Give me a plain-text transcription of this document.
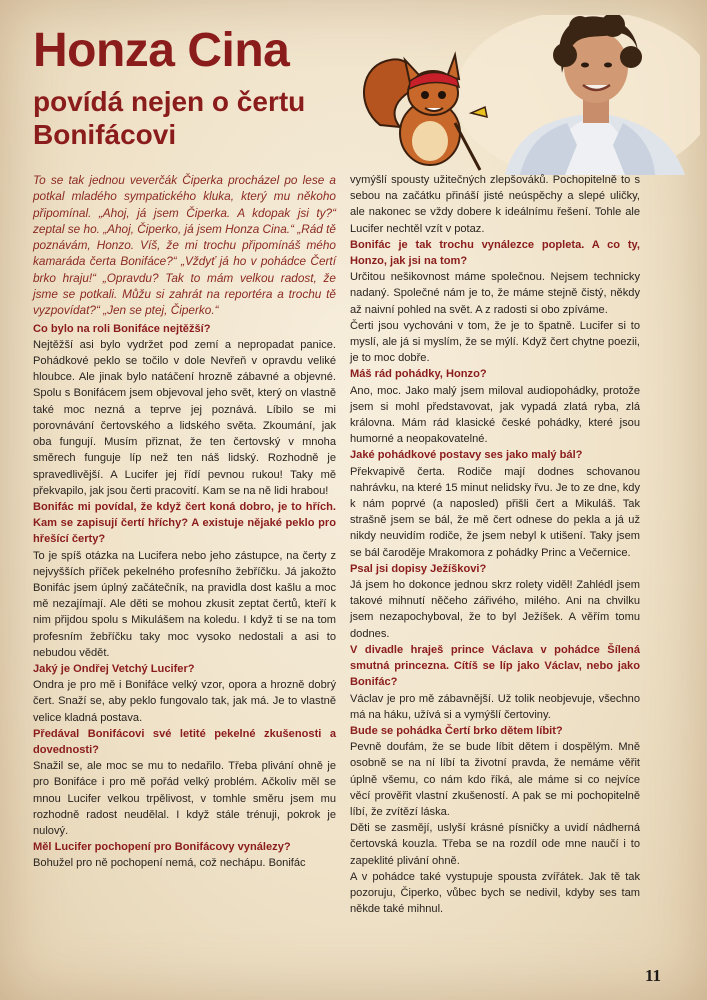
Honza Cina
povídá nejen o čertu
Bonifácovi

To se tak jednou veverčák Čiperka procházel po lese a potkal mladého sympatického kluka, který mu někoho připomínal. „Ahoj, já jsem Čiperka. A kdopak jsi ty?“ zeptal se ho. „Ahoj, Čiperko, já jsem Honza Cina.“ „Rád tě poznávám, Honzo. Víš, že mi trochu připomínáš mého kamaráda čerta Bonifáce?“ „Vždyť já ho v pohádce Čertí brko hraju!“ „Opravdu? Tak to mám velkou radost, že jsme se potkali. Můžu si zahrát na reportéra a trochu tě vyzpovídat?“ „Jen se ptej, Čiperko.“

Co bylo na roli Bonifáce nejtěžší?

Nejtěžší asi bylo vydržet pod zemí a nepropadat panice. Pohádkové peklo se točilo v dole Nevřeň v opravdu veliké hloubce. Ale jinak bylo natáčení hrozně zábavné a objevné. Spolu s Bonifácem jsem objevoval jeho svět, který on vlastně také moc nezná a teprve jej poznává. Líbilo se mi porovnávání čertovského a lidského světa. Zkoumání, jak oba fungují. Musím přiznat, že ten čertovský v mnoha směrech funguje líp než ten náš lidský. Rozhodně je spravedlivější. A Lucifer jej řídí pevnou rukou! Taky mě překvapilo, jak jsou čerti pracovití. Kam se na ně lidi hrabou!

Bonifác mi povídal, že když čert koná dobro, je to hřích. Kam se zapisují čertí hříchy? A existuje nějaké peklo pro hřešící čerty?

To je spíš otázka na Lucifera nebo jeho zástupce, na čerty z nejvyšších příček pekelného profesního žebříčku. Já jakožto Bonifác jsem úplný začátečník, na pravidla dost kašlu a moc mě nezajímají. Ale děti se mohou zkusit zeptat čertů, kteří k nim přijdou spolu s Mikulášem na koledu. I když ti se na tom profesním žebříčku taky moc vysoko nedostali a asi to nebudou vědět.

Jaký je Ondřej Vetchý Lucifer?

Ondra je pro mě i Bonifáce velký vzor, opora a hrozně dobrý čert. Snaží se, aby peklo fungovalo tak, jak má. Je to vlastně velice kladná postava.

Předával Bonifácovi své letité pekelné zkušenosti a dovednosti?

Snažil se, ale moc se mu to nedařilo. Třeba plivání ohně je pro Bonifáce i pro mě pořád velký problém. Ačkoliv měl se mnou Lucifer velkou trpělivost, v tomhle směru jsem mu rozhodně radost neudělal. I když stále trénuji, pokrok je nulový.

Měl Lucifer pochopení pro Bonifácovy vynálezy?

Bohužel pro ně pochopení nemá, což nechápu. Bonifác

vymýšlí spousty užitečných zlepšováků. Pochopitelně to s sebou na začátku přináší jisté neúspěchy a slepé uličky, ale nakonec se vždy dobere k ideálnímu řešení. Tohle ale Lucifer nechtěl vzít v potaz.

Bonifác je tak trochu vynálezce popleta. A co ty, Honzo, jak jsi na tom?

Určitou nešikovnost máme společnou. Nejsem technicky nadaný. Společné nám je to, že máme stejně čistý, někdy až naivní pohled na svět. A z radosti si obo zpíváme.

Čerti jsou vychováni v tom, že je to špatně. Lucifer si to myslí, ale já si myslím, že se mýlí. Když čert chytne poezii, je to moc dobře.

Máš rád pohádky, Honzo?

Ano, moc. Jako malý jsem miloval audiopohádky, protože jsem si mohl představovat, jak vypadá zlatá ryba, zlá královna. Mám rád klasické české pohádky, které jsou humorné a neopakovatelné.

Jaké pohádkové postavy ses jako malý bál?

Překvapivě čerta. Rodiče mají dodnes schovanou nahrávku, na které 15 minut nelidsky řvu. Je to ze dne, kdy k nám poprvé (a naposled) přišli čert a Mikuláš. Tak strašně jsem se bál, že mě čert odnese do pekla a já už nikdy neuvidím rodiče, že jsem nebyl k utišení. Taky jsem se bál čaroděje Mrakomora z pohádky Princ a Večernice.

Psal jsi dopisy Ježíškovi?

Já jsem ho dokonce jednou skrz rolety viděl! Zahlédl jsem takové mihnutí něčeho zářivého, milého. Ani na chvilku jsem nezapochyboval, že to byl Ježíšek. A věřím tomu dodnes.

V divadle hraješ prince Václava v pohádce Šílená smutná princezna. Cítíš se líp jako Václav, nebo jako Bonifác?

Václav je pro mě zábavnější. Už tolik neobjevuje, všechno má na háku, užívá si a vymýšlí čertoviny.

Bude se pohádka Čertí brko dětem líbit?

Pevně doufám, že se bude líbit dětem i dospělým. Mně osobně se na ní líbí ta životní pravda, že nemáme věřit úplně všemu, co nám kdo říká, ale máme si co nejvíce věcí prověřit vlastní zkušeností. A pak se mi pochopitelně líbí, že zvítězí láska.

Děti se zasmějí, uslyší krásné písničky a uvidí nádherná čertovská kouzla. Třeba se na rozdíl ode mne naučí i to zapeklité plivání ohně.

A v pohádce také vystupuje spousta zvířátek. Jak tě tak pozoruju, Čiperko, vůbec bych se nedivil, kdyby ses tam někde také mihnul.

11
